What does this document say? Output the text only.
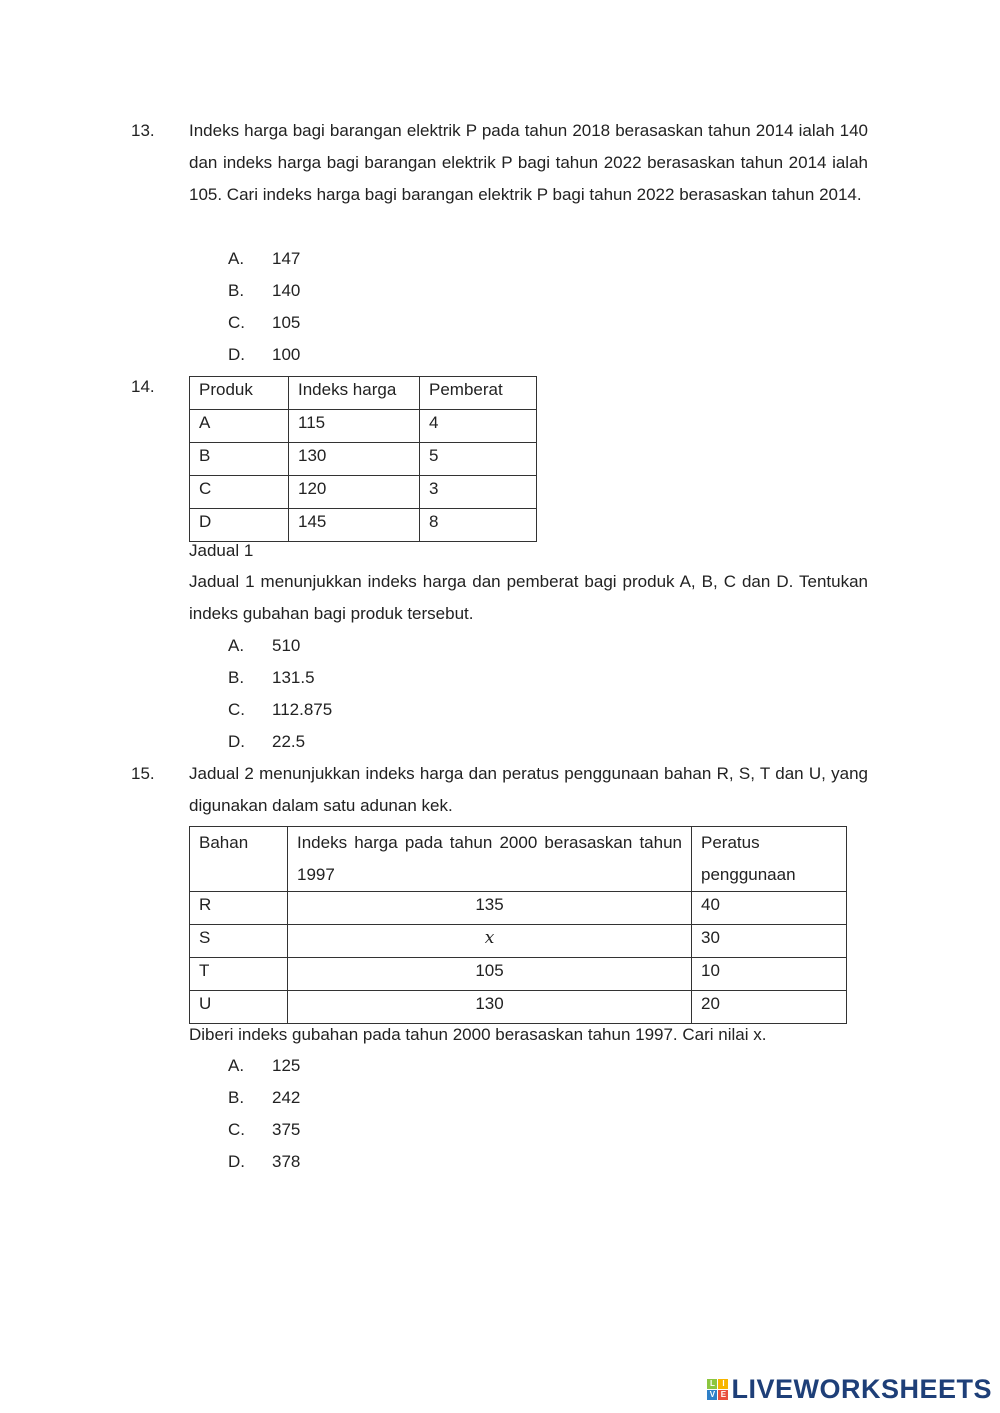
13. Indeks harga bagi barangan elektrik P pada tahun 2018 berasaskan tahun 2014 ialah 140 dan indeks harga bagi barangan elektrik P bagi tahun 2022 berasaskan tahun 2014 ialah 105. Cari indeks harga bagi barangan elektrik P bagi tahun 2022 berasaskan tahun 2014.
A. 147
B. 140
C. 105
D. 100
14.	Produk	Indeks harga	Pemberat
A	115	4
B	130	5
C	120	3
D	145	8
Jadual 1
Jadual 1 menunjukkan indeks harga dan pemberat bagi produk A, B, C dan D. Tentukan indeks gubahan bagi produk tersebut.
A. 510
B. 131.5
C. 112.875
D. 22.5
15. Jadual 2 menunjukkan indeks harga dan peratus penggunaan bahan R, S, T dan U, yang digunakan dalam satu adunan kek.
Bahan	Indeks harga pada tahun 2000 berasaskan tahun 1997	Peratus penggunaan
R	135	40
S	x	30
T	105	10
U	130	20
Diberi indeks gubahan pada tahun 2000 berasaskan tahun 1997. Cari nilai x.
A. 125
B. 242
C. 375
D. 378
L I
V E LIVEWORKSHEETS
